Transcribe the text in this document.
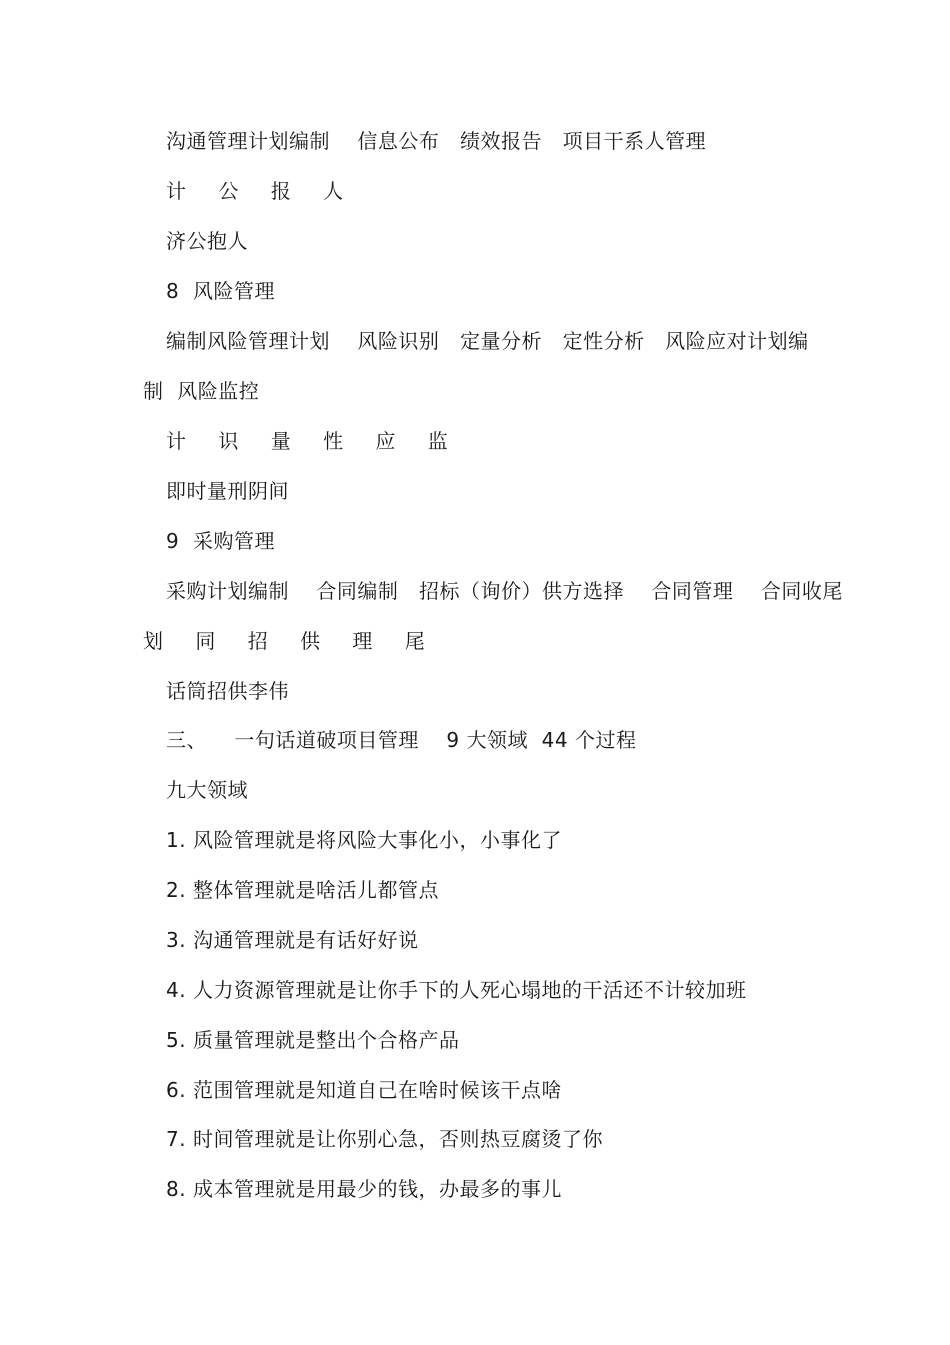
沟通管理计划编制    信息公布   绩效报告   项目干系人管理
计 公 报 人
济公抱人
8  风险管理
编制风险管理计划    风险识别   定量分析   定性分析   风险应对计划编
制  风险监控
计 识 量 性 应 监
即时量刑阴间
9  采购管理
采购计划编制    合同编制   招标（询价）供方选择    合同管理    合同收尾
划 同 招 供 理 尾
话筒招供李伟
三、    一句话道破项目管理    9 大领域  44 个过程
九大领域
1. 风险管理就是将风险大事化小，小事化了
2. 整体管理就是啥活儿都管点
3. 沟通管理就是有话好好说
4. 人力资源管理就是让你手下的人死心塌地的干活还不计较加班
5. 质量管理就是整出个合格产品
6. 范围管理就是知道自己在啥时候该干点啥
7. 时间管理就是让你别心急，否则热豆腐烫了你
8. 成本管理就是用最少的钱，办最多的事儿
